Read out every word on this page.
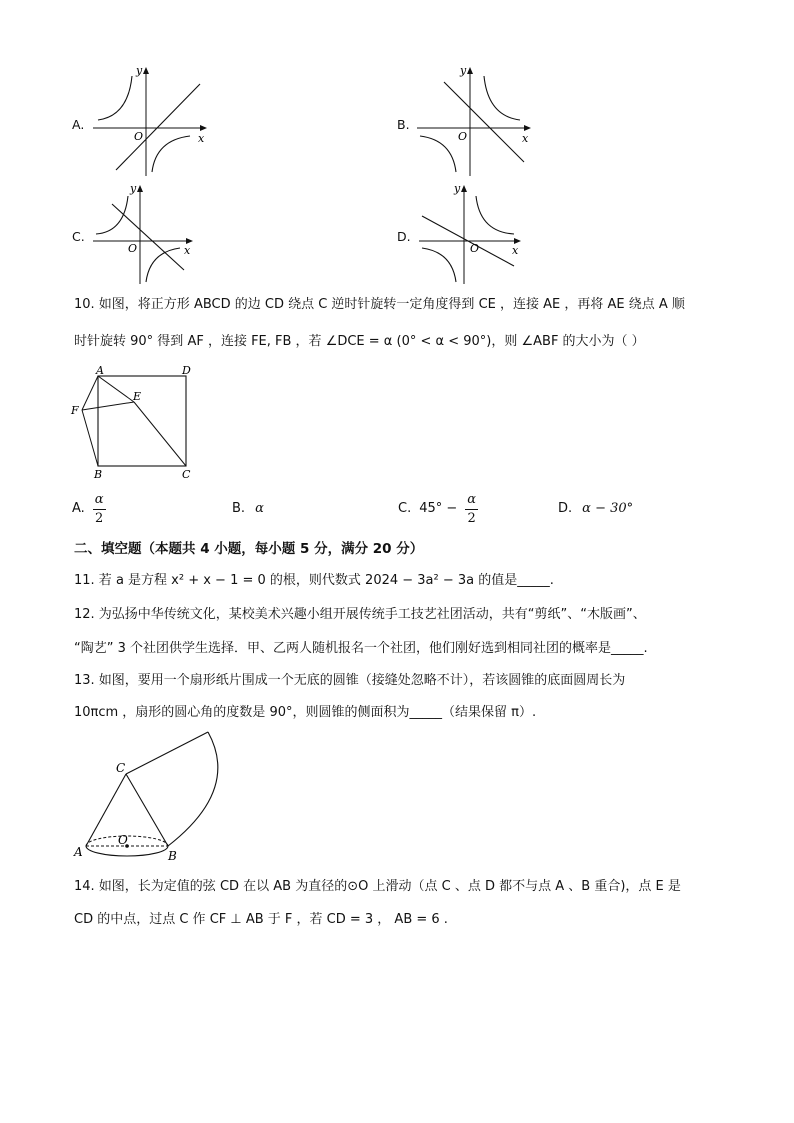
A.
O	x
y
B.
O	x
y
C.
O	x
y
D.
O	x
y
10. 如图，将正方形 ABCD 的边 CD 绕点 C 逆时针旋转一定角度得到 CE ，连接 AE ，再将 AE 绕点 A 顺
时针旋转 90° 得到 AF ，连接 FE, FB ，若 ∠DCE = α (0° < α < 90°)，则 ∠ABF 的大小为（ ）
A	D
E
F
B	C
A. $\frac{\alpha}{2}$	B. α	C. $45^\circ - \frac{\alpha}{2}$	D. α − 30°
二、填空题（本题共 4 小题，每小题 5 分，满分 20 分）
11. 若 a 是方程 x² + x − 1 = 0 的根，则代数式 2024 − 3a² − 3a 的值是_____.
12. 为弘扬中华传统文化，某校美术兴趣小组开展传统手工技艺社团活动，共有“剪纸”、“木版画”、
“陶艺” 3 个社团供学生选择．甲、乙两人随机报名一个社团，他们刚好选到相同社团的概率是_____.
13. 如图，要用一个扇形纸片围成一个无底的圆锥（接缝处忽略不计），若该圆锥的底面圆周长为
10πcm ，扇形的圆心角的度数是 90°，则圆锥的侧面积为_____（结果保留 π）.
C
O
A	B
14. 如图，长为定值的弦 CD 在以 AB 为直径的⊙O 上滑动（点 C 、点 D 都不与点 A 、B 重合)，点 E 是
CD 的中点，过点 C 作 CF ⊥ AB 于 F ，若 CD = 3 ， AB = 6 .
